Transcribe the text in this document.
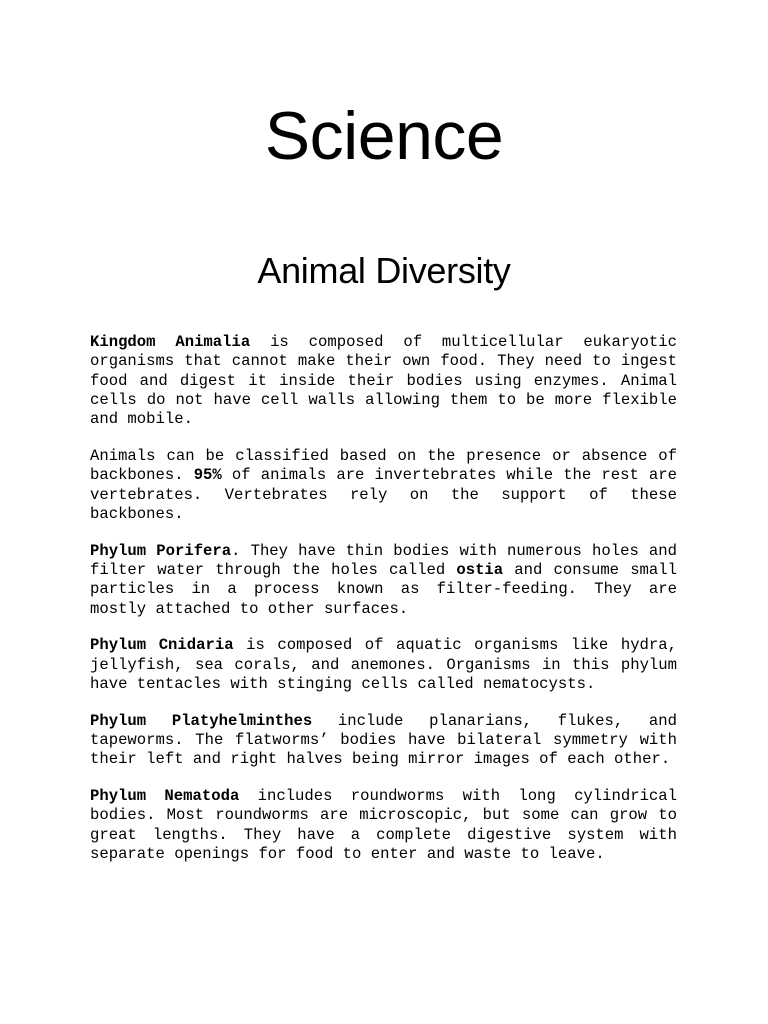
Science
Animal Diversity

Kingdom Animalia is composed of multicellular eukaryotic organisms that cannot make their own food. They need to ingest food and digest it inside their bodies using enzymes. Animal cells do not have cell walls allowing them to be more flexible and mobile.

Animals can be classified based on the presence or absence of backbones. 95% of animals are invertebrates while the rest are vertebrates. Vertebrates rely on the support of these backbones.

Phylum Porifera. They have thin bodies with numerous holes and filter water through the holes called ostia and consume small particles in a process known as filter-feeding. They are mostly attached to other surfaces.

Phylum Cnidaria is composed of aquatic organisms like hydra, jellyfish, sea corals, and anemones. Organisms in this phylum have tentacles with stinging cells called nematocysts.

Phylum Platyhelminthes include planarians, flukes, and tapeworms. The flatworms’ bodies have bilateral symmetry with their left and right halves being mirror images of each other.

Phylum Nematoda includes roundworms with long cylindrical bodies. Most roundworms are microscopic, but some can grow to great lengths. They have a complete digestive system with separate openings for food to enter and waste to leave.
